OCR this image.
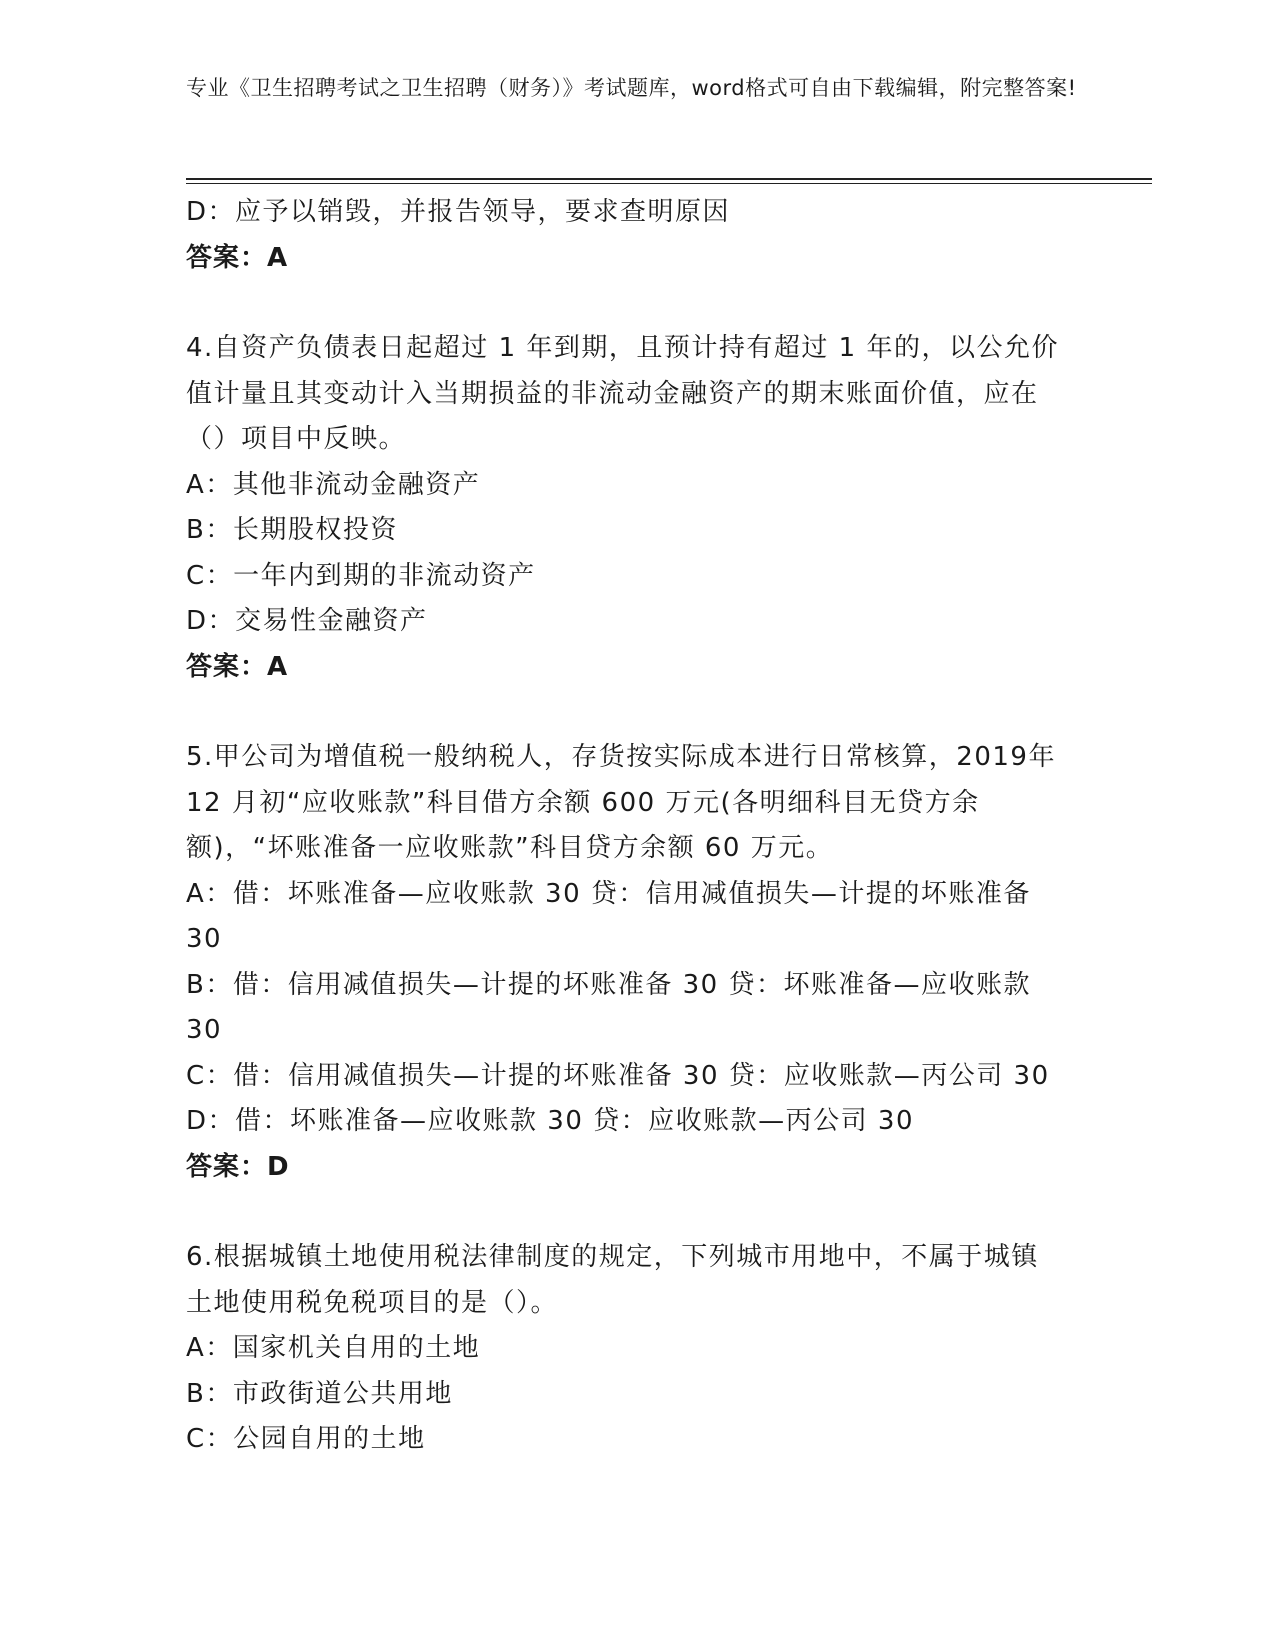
专业《卫生招聘考试之卫生招聘（财务）》考试题库，word格式可自由下载编辑，附完整答案!

D：应予以销毁，并报告领导，要求查明原因

答案：A

4.自资产负债表日起超过 1 年到期，且预计持有超过 1 年的，以公允价值计量且其变动计入当期损益的非流动金融资产的期末账面价值，应在（）项目中反映。

A：其他非流动金融资产

B：长期股权投资

C：一年内到期的非流动资产

D：交易性金融资产

答案：A

5.甲公司为增值税一般纳税人，存货按实际成本进行日常核算，2019年 12 月初“应收账款”科目借方余额 600 万元(各明细科目无贷方余额)，“坏账准备一应收账款”科目贷方余额 60 万元。

A：借：坏账准备—应收账款 30 贷：信用减值损失—计提的坏账准备30

B：借：信用减值损失—计提的坏账准备 30 贷：坏账准备—应收账款30

C：借：信用减值损失—计提的坏账准备 30 贷：应收账款—丙公司 30

D：借：坏账准备—应收账款 30 贷：应收账款—丙公司 30

答案：D

6.根据城镇土地使用税法律制度的规定，下列城市用地中，不属于城镇土地使用税免税项目的是（）。

A：国家机关自用的土地

B：市政街道公共用地

C：公园自用的土地
